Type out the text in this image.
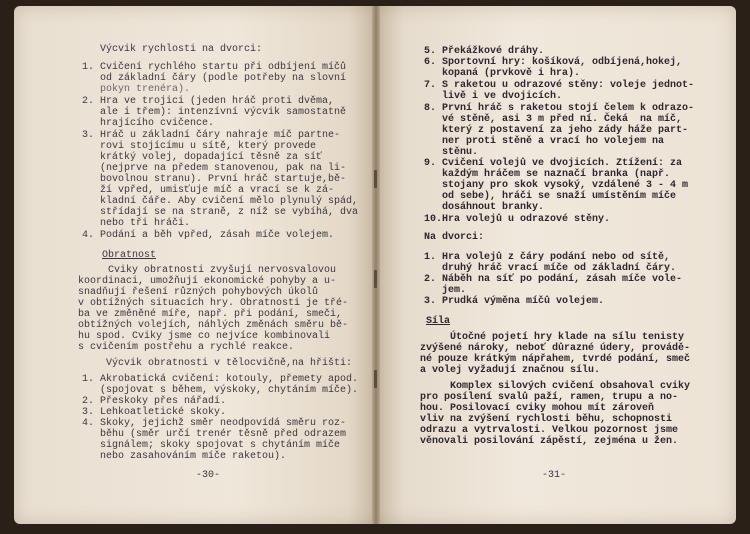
Výcvik rychlosti na dvorci:
1. Cvičení rychlého startu při odbíjení míčů
od základní čáry (podle potřeby na slovní
pokyn trenéra).
2. Hra ve trojici (jeden hráč proti dvěma,
ale i třem): intenzívní výcvik samostatně
hrajícího cvičence.
3. Hráč u základní čáry nahraje míč partne-
rovi stojícímu u sítě, který provede
krátký volej, dopadající těsně za síť
(nejprve na předem stanovenou, pak na li-
bovolnou stranu). První hráč startuje,bě-
ží vpřed, umisťuje míč a vrací se k zá-
kladní čáře. Aby cvičení mělo plynulý spád,
střídají se na straně, z níž se vybíhá, dva
nebo tři hráči.
4. Podání a běh vpřed, zásah míče volejem.
Obratnost
Cviky obratnosti zvyšují nervosvalovou
koordinaci, umožňují ekonomické pohyby a u-
snadňují řešení různých pohybových úkolů
v obtížných situacích hry. Obratnosti je třé-
ba ve změněné míře, např. při podání, smeči,
obtížných volejích, náhlých změnách směru bě-
hu spod. Cviky jsme co nejvíce kombinovali
s cvičením postřehu a rychlé reakce.
Výcvik obratnosti v tělocvičně,na hřišti:
1. Akrobatická cvičení: kotouly, přemety apod.
(spojovat s během, výskoky, chytáním míče).
2. Přeskoky přes nářadí.
3. Lehkoatletické skoky.
4. Skoky, jejichž směr neodpovídá směru roz-
běhu (směr určí trenér těsně před odrazem
signálem; skoky spojovat s chytáním míče
nebo zasahováním míče raketou).
-30-
5. Překážkové dráhy.
6. Sportovní hry: košíková, odbíjená,hokej,
kopaná (prvkově i hra).
7. S raketou u odrazové stěny: voleje jednot-
livě i ve dvojicích.
8. První hráč s raketou stojí čelem k odrazo-
vé stěně, asi 3 m před ní. Čeká  na míč,
který z postavení za jeho zády háže part-
ner proti stěně a vrací ho volejem na
stěnu.
9. Cvičení volejů ve dvojicích. Ztížení: za
každým hráčem se naznačí branka (např.
stojany pro skok vysoký, vzdálené 3 - 4 m
od sebe), hráči se snaží umístěním míče
dosáhnout branky.
10.Hra volejů u odrazové stěny.
Na dvorci:
1. Hra volejů z čáry podání nebo od sítě,
druhý hráč vrací míče od základní čáry.
2. Náběh na síť po podání, zásah míče vole-
jem.
3. Prudká výměna míčů volejem.
Síla
Útočné pojetí hry klade na sílu tenisty
zvýšené nároky, neboť důrazné údery, provádě-
né pouze krátkým nápřahem, tvrdé podání, smeč
a volej vyžadují značnou sílu.
Komplex silových cvičení obsahoval cviky
pro posílení svalů paží, ramen, trupu a no-
hou. Posilovací cviky mohou mít zároveň
vliv na zvýšení rychlosti běhu, schopnosti
odrazu a vytrvalosti. Velkou pozornost jsme
věnovali posilování zápěstí, zejména u žen.
-31-
